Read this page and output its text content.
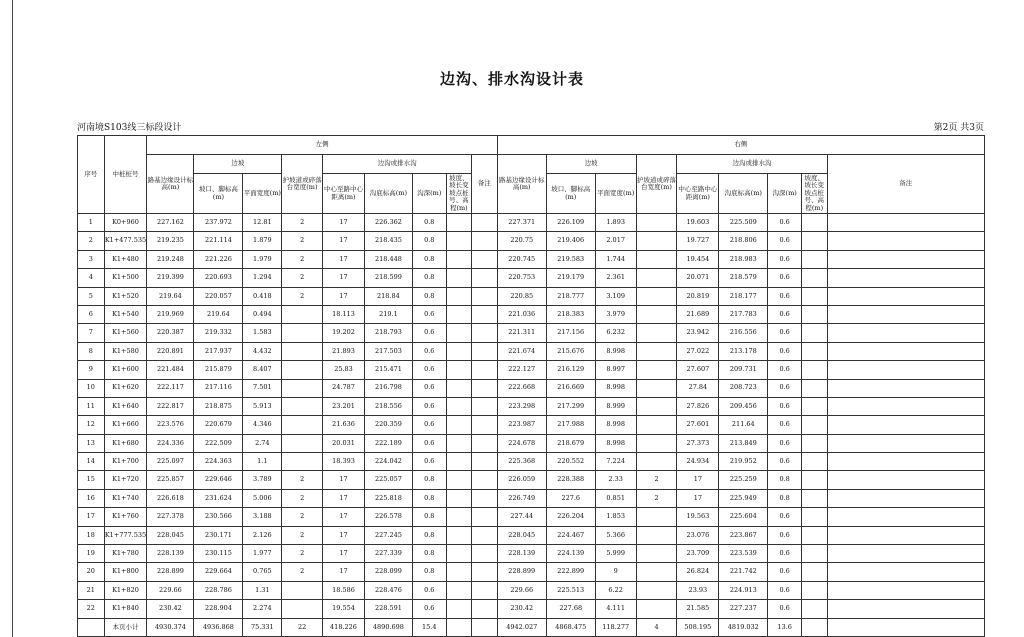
边沟、排水沟设计表
河南境S103线三标段设计	第2页 共3页
序号	中桩桩号	左侧									右侧								
		路基边缘设计标高(m)	边坡		护坡道或碎落台宽度(m)	边沟或排水沟				备注	路基边缘设计标高(m)	边坡		护坡道或碎落台宽度(m)	边沟或排水沟				备注
			坡口、脚标高(m)	平面宽度(m)		中心至路中心距离(m)	沟底标高(m)	沟深(m)	坡度、坡长变坡点桩号、高程(m)			坡口、脚标高(m)	平面宽度(m)		中心至路中心距离(m)	沟底标高(m)	沟深(m)	坡度、坡长变坡点桩号、高程(m)	
1	K0+960	227.162	237.972	12.81	2	17	226.362	0.8			227.371	226.109	1.893		19.603	225.509	0.6		
2	K1+477.535	219.235	221.114	1.879	2	17	218.435	0.8			220.75	219.406	2.017		19.727	218.806	0.6		
3	K1+480	219.248	221.226	1.979	2	17	218.448	0.8			220.745	219.583	1.744		19.454	218.983	0.6		
4	K1+500	219.399	220.693	1.294	2	17	218.599	0.8			220.753	219.179	2.361		20.071	218.579	0.6		
5	K1+520	219.64	220.057	0.418	2	17	218.84	0.8			220.85	218.777	3.109		20.819	218.177	0.6		
6	K1+540	219.969	219.64	0.494		18.113	219.1	0.6			221.036	218.383	3.979		21.689	217.783	0.6		
7	K1+560	220.387	219.332	1.583		19.202	218.793	0.6			221.311	217.156	6.232		23.942	216.556	0.6		
8	K1+580	220.891	217.937	4.432		21.893	217.503	0.6			221.674	215.676	8.998		27.022	213.178	0.6		
9	K1+600	221.484	215.879	8.407		25.83	215.471	0.6			222.127	216.129	8.997		27.607	209.731	0.6		
10	K1+620	222.117	217.116	7.501		24.787	216.798	0.6			222.668	216.669	8.998		27.84	208.723	0.6		
11	K1+640	222.817	218.875	5.913		23.201	218.556	0.6			223.298	217.299	8.999		27.826	209.456	0.6		
12	K1+660	223.576	220.679	4.346		21.636	220.359	0.6			223.987	217.988	8.998		27.601	211.64	0.6		
13	K1+680	224.336	222.509	2.74		20.031	222.189	0.6			224.678	218.679	8.998		27.373	213.849	0.6		
14	K1+700	225.097	224.363	1.1		18.393	224.042	0.6			225.368	220.552	7.224		24.934	219.952	0.6		
15	K1+720	225.857	229.646	3.789	2	17	225.057	0.8			226.059	228.388	2.33	2	17	225.259	0.8		
16	K1+740	226.618	231.624	5.006	2	17	225.818	0.8			226.749	227.6	0.851	2	17	225.949	0.8		
17	K1+760	227.378	230.566	3.188	2	17	226.578	0.8			227.44	226.204	1.853		19.563	225.604	0.6		
18	K1+777.535	228.045	230.171	2.126	2	17	227.245	0.8			228.045	224.467	5.366		23.076	223.867	0.6		
19	K1+780	228.139	230.115	1.977	2	17	227.339	0.8			228.139	224.139	5.999		23.709	223.539	0.6		
20	K1+800	228.899	229.664	0.765	2	17	228.099	0.8			228.899	222.899	9		26.824	221.742	0.6		
21	K1+820	229.66	228.786	1.31		18.586	228.476	0.6			229.66	225.513	6.22		23.93	224.913	0.6		
22	K1+840	230.42	228.904	2.274		19.554	228.591	0.6			230.42	227.68	4.111		21.585	227.237	0.6		
	本页小计	4930.374	4936.868	75.331	22	418.226	4890.698	15.4			4942.027	4868.475	118.277	4	508.195	4819.032	13.6		
